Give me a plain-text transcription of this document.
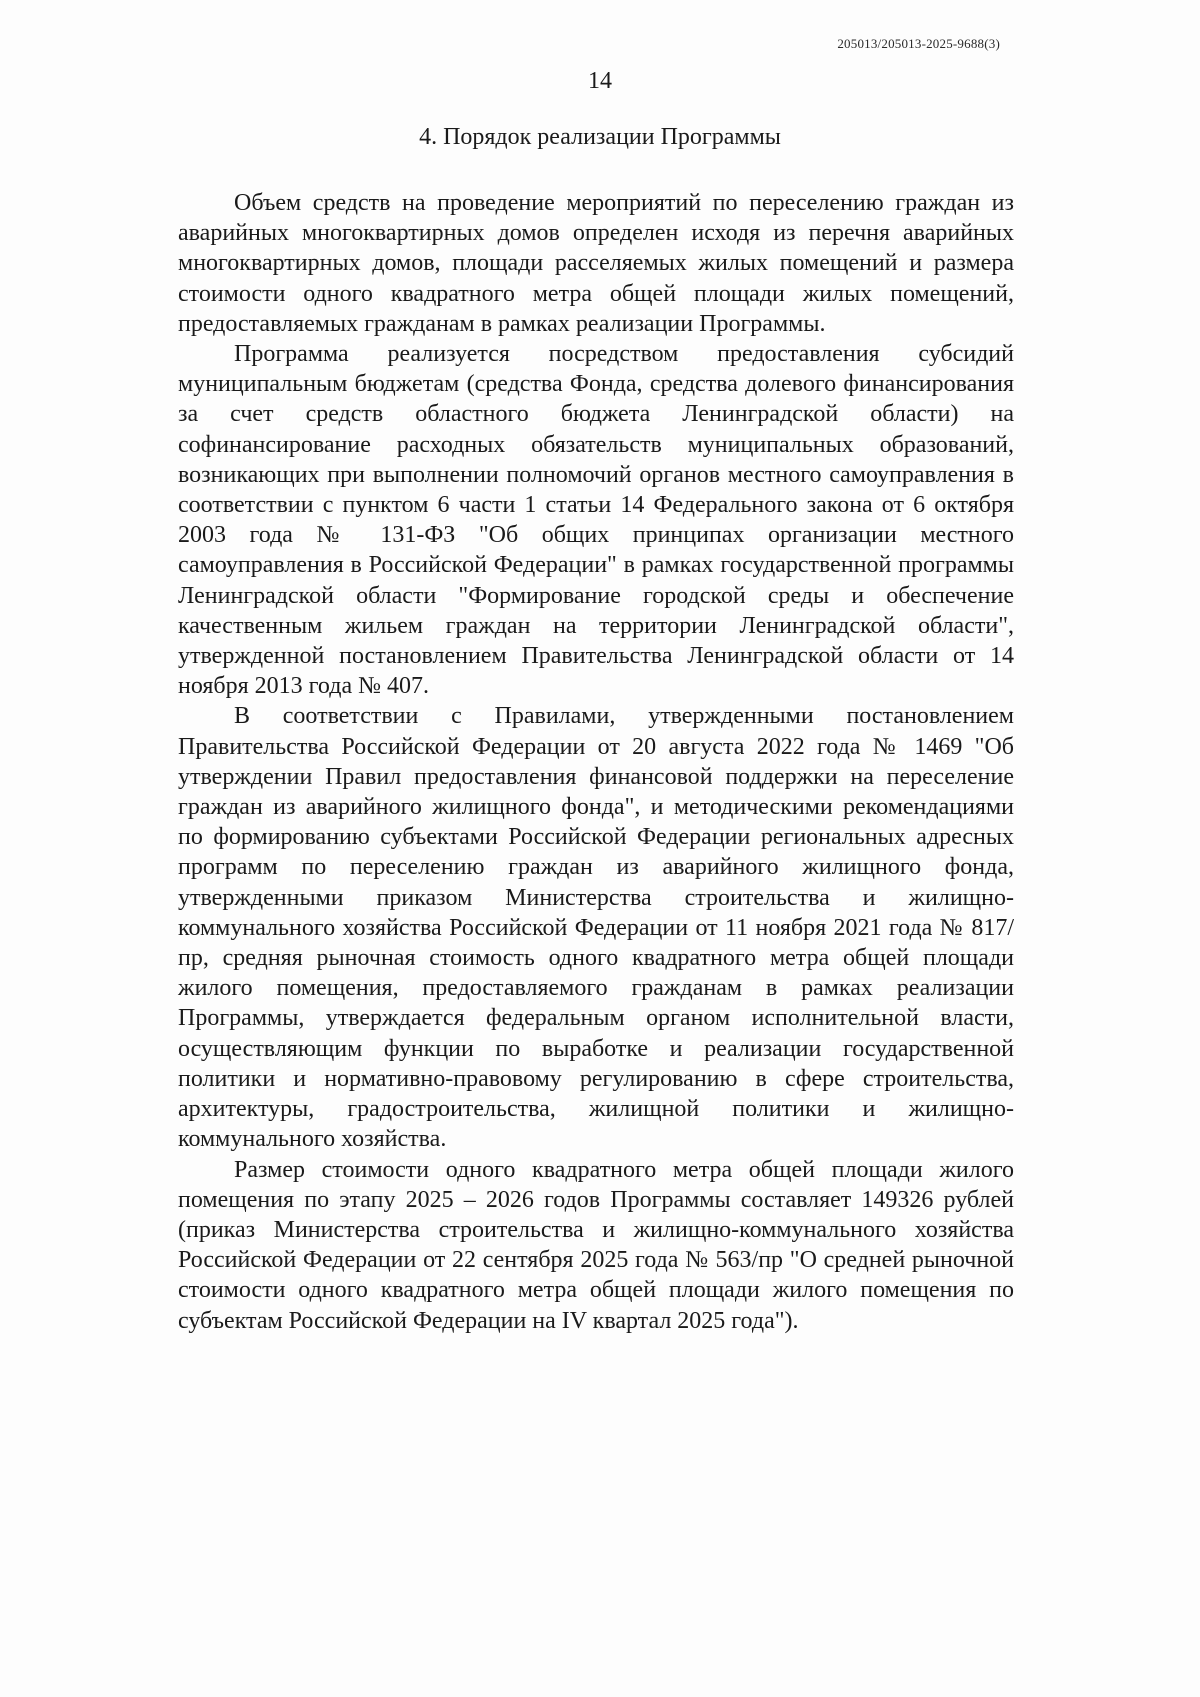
205013/205013-2025-9688(3)
14
4. Порядок реализации Программы

Объем средств на проведение мероприятий по переселению граждан из аварийных многоквартирных домов определен исходя из перечня аварийных многоквартирных домов, площади расселяемых жилых помещений и размера стоимости одного квадратного метра общей площади жилых помещений, предоставляемых гражданам в рамках реализации Программы.

Программа реализуется посредством предоставления субсидий муниципальным бюджетам (средства Фонда, средства долевого финансирования за счет средств областного бюджета Ленинградской области) на софинансирование расходных обязательств муниципальных образований, возникающих при выполнении полномочий органов местного самоуправления в соответствии с пунктом 6 части 1 статьи 14 Федерального закона от 6 октября 2003 года № 131-ФЗ "Об общих принципах организации местного самоуправления в Российской Федерации" в рамках государственной программы Ленинградской области "Формирование городской среды и обеспечение качественным жильем граждан на территории Ленинградской области", утвержденной постановлением Правительства Ленинградской области от 14 ноября 2013 года № 407.

В соответствии с Правилами, утвержденными постановлением Правительства Российской Федерации от 20 августа 2022 года № 1469 "Об утверждении Правил предоставления финансовой поддержки на переселение граждан из аварийного жилищного фонда", и методическими рекомендациями по формированию субъектами Российской Федерации региональных адресных программ по переселению граждан из аварийного жилищного фонда, утвержденными приказом Министерства строительства и жилищно-коммунального хозяйства Российской Федерации от 11 ноября 2021 года № 817/пр, средняя рыночная стоимость одного квадратного метра общей площади жилого помещения, предоставляемого гражданам в рамках реализации Программы, утверждается федеральным органом исполнительной власти, осуществляющим функции по выработке и реализации государственной политики и нормативно-правовому регулированию в сфере строительства, архитектуры, градостроительства, жилищной политики и жилищно-коммунального хозяйства.

Размер стоимости одного квадратного метра общей площади жилого помещения по этапу 2025 – 2026 годов Программы составляет 149326 рублей (приказ Министерства строительства и жилищно-коммунального хозяйства Российской Федерации от 22 сентября 2025 года № 563/пр "О средней рыночной стоимости одного квадратного метра общей площади жилого помещения по субъектам Российской Федерации на IV квартал 2025 года").
